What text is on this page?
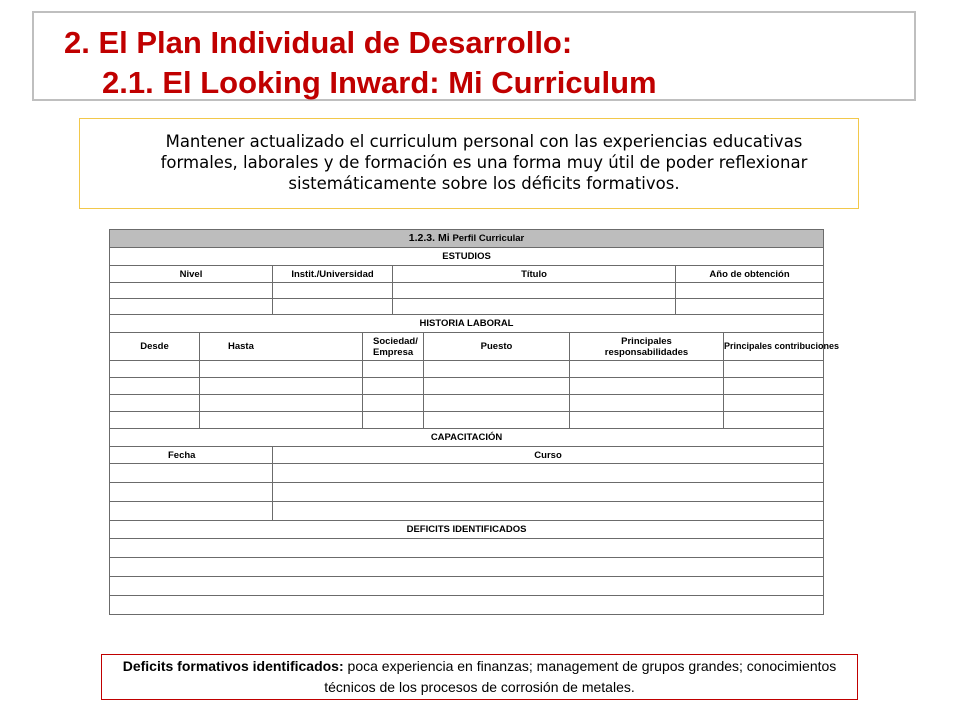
2. El Plan Individual de Desarrollo:
2.1. El Looking Inward: Mi Curriculum
Mantener actualizado el curriculum personal con las experiencias educativas formales, laborales y de formación es una forma muy útil de poder reflexionar sistemáticamente sobre los déficits formativos.
1.2.3. Mi Perfil Curricular								
ESTUDIOS								
Nivel		Instit./Universidad		Título			Año de obtención	

HISTORIA LABORAL								
Desde	Hasta		Sociedad/ Empresa		Puesto	Principales responsabilidades		Principales contribuciones

CAPACITACIÓN								
Fecha		Curso						

DEFICITS IDENTIFICADOS								

Deficits formativos identificados: poca experiencia en finanzas; management de grupos grandes; conocimientos técnicos de los procesos de corrosión de metales.
